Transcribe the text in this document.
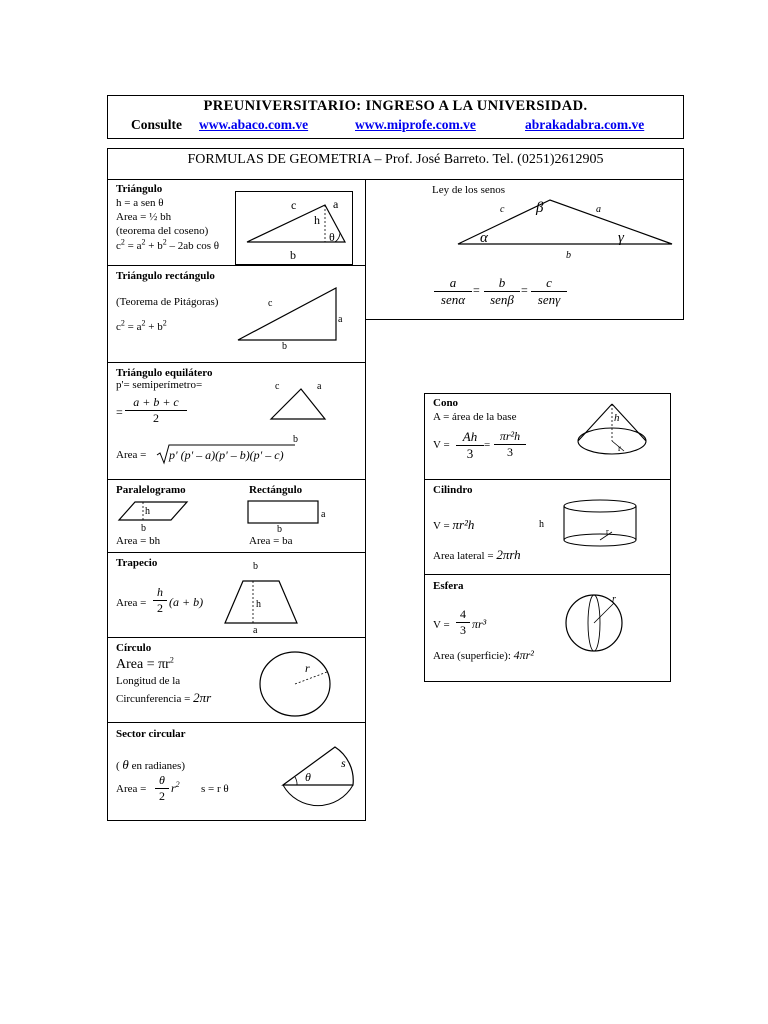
PREUNIVERSITARIO: INGRESO A LA UNIVERSIDAD.
Consulte www.abaco.com.ve	www.miprofe.com.ve	abrakadabra.com.ve
FORMULAS DE GEOMETRIA – Prof. José Barreto. Tel. (0251)2612905
Triángulo
h = a sen θ
Area = ½ bh
(teorema del coseno)
$c^2 = a^2 + b^2 - 2ab$ cos θ
c	a
h
θ
b
Triángulo rectángulo
(Teorema de Pitágoras)
$c^2 = a^2 + b^2$
c
a
b
Triángulo equilátero
p'= semiperímetro=
=
a + b + c
2
c	a
b
Area = p' (p' – a)(p' – b)(p' – c)
Paralelogramo
h
b
Area = bh
Rectángulo
a
b
Area = ba
Trapecio
Area =
h
2 (a + b)
b
h
a
Círculo
Area = $\pi r^2$
Longitud de la
Circunferencia = 2πr
r
Sector circular
( θ en radianes)
Area =
θ
2
$r^2$ s = r θ
θ
s
Ley de los senos
c β	a
α	γ
b
a
senα
=	b
senβ
=	c
senγ
Cono
A = área de la base
V =
Ah
3
=
πr²h
3
h
r
Cilindro
V = πr²h
Area lateral = 2πrh
h
r
Esfera
V =
4
3 πr³
Area (superficie): 4πr²
r
